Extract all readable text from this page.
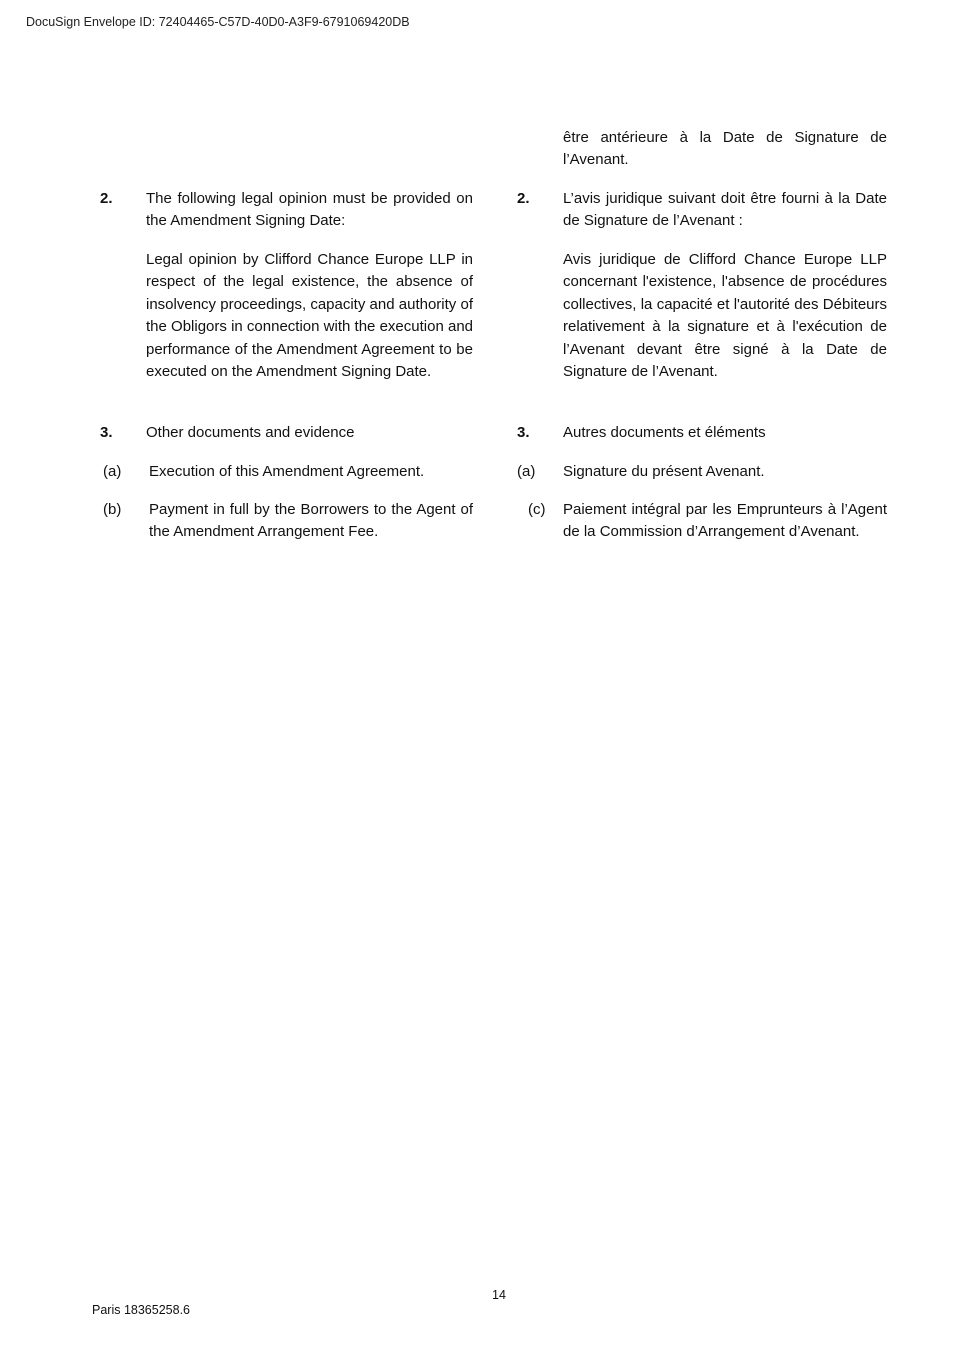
DocuSign Envelope ID: 72404465-C57D-40D0-A3F9-6791069420DB
2. The following legal opinion must be provided on the Amendment Signing Date:
Legal opinion by Clifford Chance Europe LLP in respect of the legal existence, the absence of insolvency proceedings, capacity and authority of the Obligors in connection with the execution and performance of the Amendment Agreement to be executed on the Amendment Signing Date.
3. Other documents and evidence
(a) Execution of this Amendment Agreement.
(b) Payment in full by the Borrowers to the Agent of the Amendment Arrangement Fee.
être antérieure à la Date de Signature de l’Avenant.
2. L’avis juridique suivant doit être fourni à la Date de Signature de l’Avenant :
Avis juridique de Clifford Chance Europe LLP concernant l'existence, l'absence de procédures collectives, la capacité et l'autorité des Débiteurs relativement à la signature et à l'exécution de l’Avenant devant être signé à la Date de Signature de l’Avenant.
3. Autres documents et éléments
(a) Signature du présent Avenant.
(c) Paiement intégral par les Emprunteurs à l’Agent de la Commission d’Arrangement d’Avenant.
14
Paris 18365258.6
